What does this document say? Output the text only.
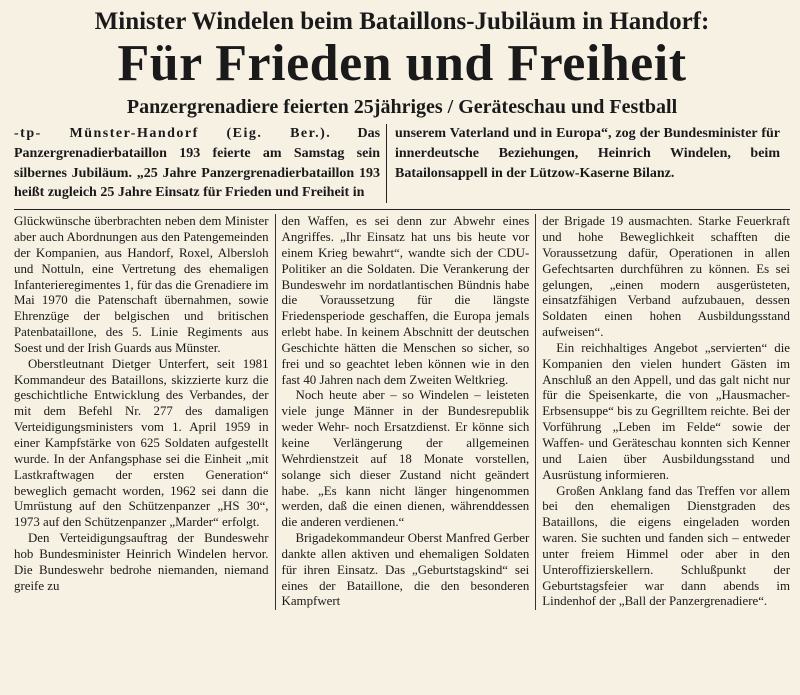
Minister Windelen beim Bataillons-Jubiläum in Handorf:
Für Frieden und Freiheit
Panzergrenadiere feierten 25jähriges / Geräteschau und Festball

-tp- Münster-Handorf (Eig. Ber.). Das Panzergrenadierbataillon 193 feierte am Samstag sein silbernes Jubiläum. „25 Jahre Panzergrenadierbataillon 193 heißt zugleich 25 Jahre Einsatz für Frieden und Freiheit in

unserem Vaterland und in Europa“, zog der Bundesminister für innerdeutsche Beziehungen, Heinrich Windelen, beim Batailonsappell in der Lützow-Kaserne Bilanz.

Glückwünsche überbrachten neben dem Minister aber auch Abordnungen aus den Patengemeinden der Kompanien, aus Handorf, Roxel, Albersloh und Nottuln, eine Vertretung des ehemaligen Infanterieregimentes 1, für das die Grenadiere im Mai 1970 die Patenschaft übernahmen, sowie Ehrenzüge der belgischen und britischen Patenbataillone, des 5. Linie Regiments aus Soest und der Irish Guards aus Münster.

Oberstleutnant Dietger Unterfert, seit 1981 Kommandeur des Bataillons, skizzierte kurz die geschichtliche Entwicklung des Verbandes, der mit dem Befehl Nr. 277 des damaligen Verteidigungsministers vom 1. April 1959 in einer Kampfstärke von 625 Soldaten aufgestellt wurde. In der Anfangsphase sei die Einheit „mit Lastkraftwagen der ersten Generation“ beweglich gemacht worden, 1962 sei dann die Umrüstung auf den Schützenpanzer „HS 30“, 1973 auf den Schützenpanzer „Marder“ erfolgt.

Den Verteidigungsauftrag der Bundeswehr hob Bundesminister Heinrich Windelen hervor. Die Bundeswehr bedrohe niemanden, niemand greife zu

den Waffen, es sei denn zur Abwehr eines Angriffes. „Ihr Einsatz hat uns bis heute vor einem Krieg bewahrt“, wandte sich der CDU-Politiker an die Soldaten. Die Verankerung der Bundeswehr im nordatlantischen Bündnis habe die Voraussetzung für die längste Friedensperiode geschaffen, die Europa jemals erlebt habe. In keinem Abschnitt der deutschen Geschichte hätten die Menschen so sicher, so frei und so geachtet leben können wie in den fast 40 Jahren nach dem Zweiten Weltkrieg.

Noch heute aber – so Windelen – leisteten viele junge Männer in der Bundesrepublik weder Wehr- noch Ersatzdienst. Er könne sich keine Verlängerung der allgemeinen Wehrdienstzeit auf 18 Monate vorstellen, solange sich dieser Zustand nicht geändert habe. „Es kann nicht länger hingenommen werden, daß die einen dienen, währenddessen die anderen verdienen.“

Brigadekommandeur Oberst Manfred Gerber dankte allen aktiven und ehemaligen Soldaten für ihren Einsatz. Das „Geburtstagskind“ sei eines der Bataillone, die den besonderen Kampfwert

der Brigade 19 ausmachten. Starke Feuerkraft und hohe Beweglichkeit schafften die Voraussetzung dafür, Operationen in allen Gefechtsarten durchführen zu können. Es sei gelungen, „einen modern ausgerüsteten, einsatzfähigen Verband aufzubauen, dessen Soldaten einen hohen Ausbildungsstand aufweisen“.

Ein reichhaltiges Angebot „servierten“ die Kompanien den vielen hundert Gästen im Anschluß an den Appell, und das galt nicht nur für die Speisenkarte, die von „Hausmacher-Erbsensuppe“ bis zu Gegrilltem reichte. Bei der Vorführung „Leben im Felde“ sowie der Waffen- und Geräteschau konnten sich Kenner und Laien über Ausbildungsstand und Ausrüstung informieren.

Großen Anklang fand das Treffen vor allem bei den ehemaligen Dienstgraden des Bataillons, die eigens eingeladen worden waren. Sie suchten und fanden sich – entweder unter freiem Himmel oder aber in den Unteroffizierskellern. Schlußpunkt der Geburtstagsfeier war dann abends im Lindenhof der „Ball der Panzergrenadiere“.
